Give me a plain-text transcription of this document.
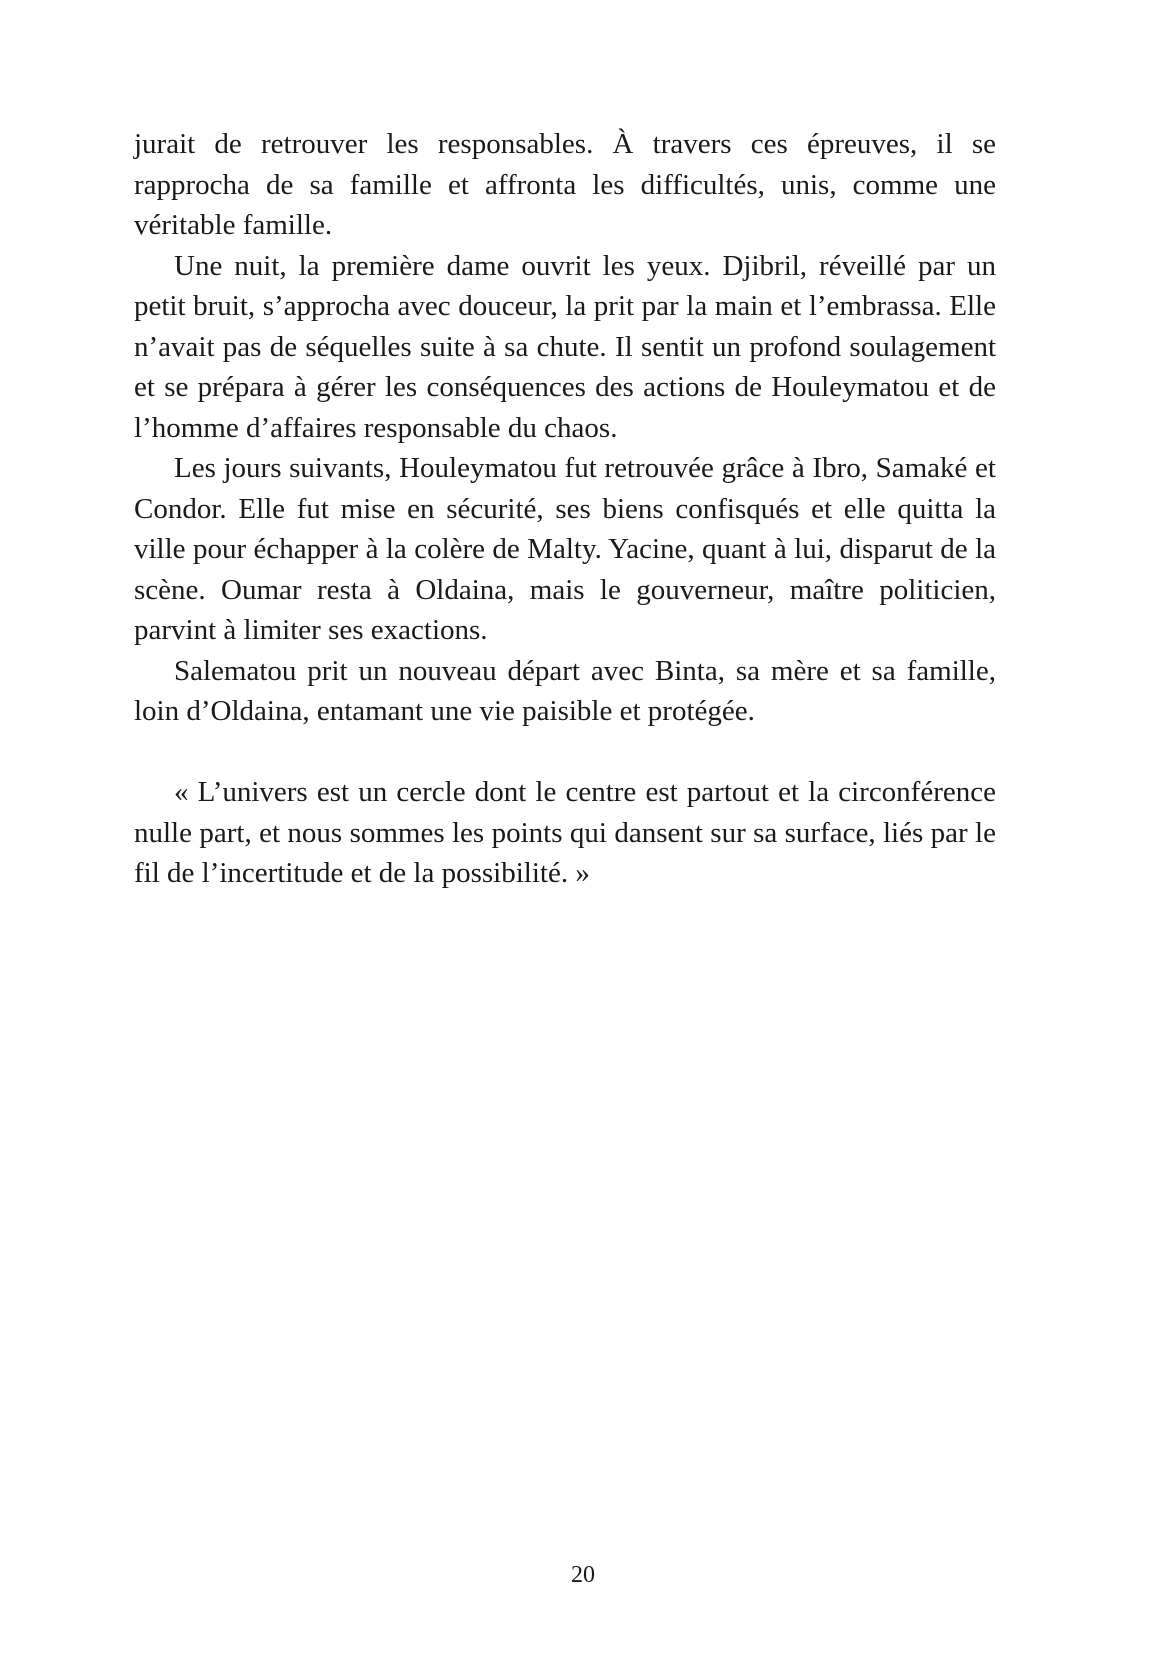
jurait de retrouver les responsables. À travers ces épreuves, il se rapprocha de sa famille et affronta les difficultés, unis, comme une véritable famille.

Une nuit, la première dame ouvrit les yeux. Djibril, réveillé par un petit bruit, s’approcha avec douceur, la prit par la main et l’embrassa. Elle n’avait pas de séquelles suite à sa chute. Il sentit un profond soulagement et se prépara à gérer les conséquences des actions de Houleymatou et de l’homme d’affaires responsable du chaos.

Les jours suivants, Houleymatou fut retrouvée grâce à Ibro, Samaké et Condor. Elle fut mise en sécurité, ses biens confisqués et elle quitta la ville pour échapper à la colère de Malty. Yacine, quant à lui, disparut de la scène. Oumar resta à Oldaina, mais le gouverneur, maître politicien, parvint à limiter ses exactions.

Salematou prit un nouveau départ avec Binta, sa mère et sa famille, loin d’Oldaina, entamant une vie paisible et protégée.

« L’univers est un cercle dont le centre est partout et la circonférence nulle part, et nous sommes les points qui dansent sur sa surface, liés par le fil de l’incertitude et de la possibilité. »

20
